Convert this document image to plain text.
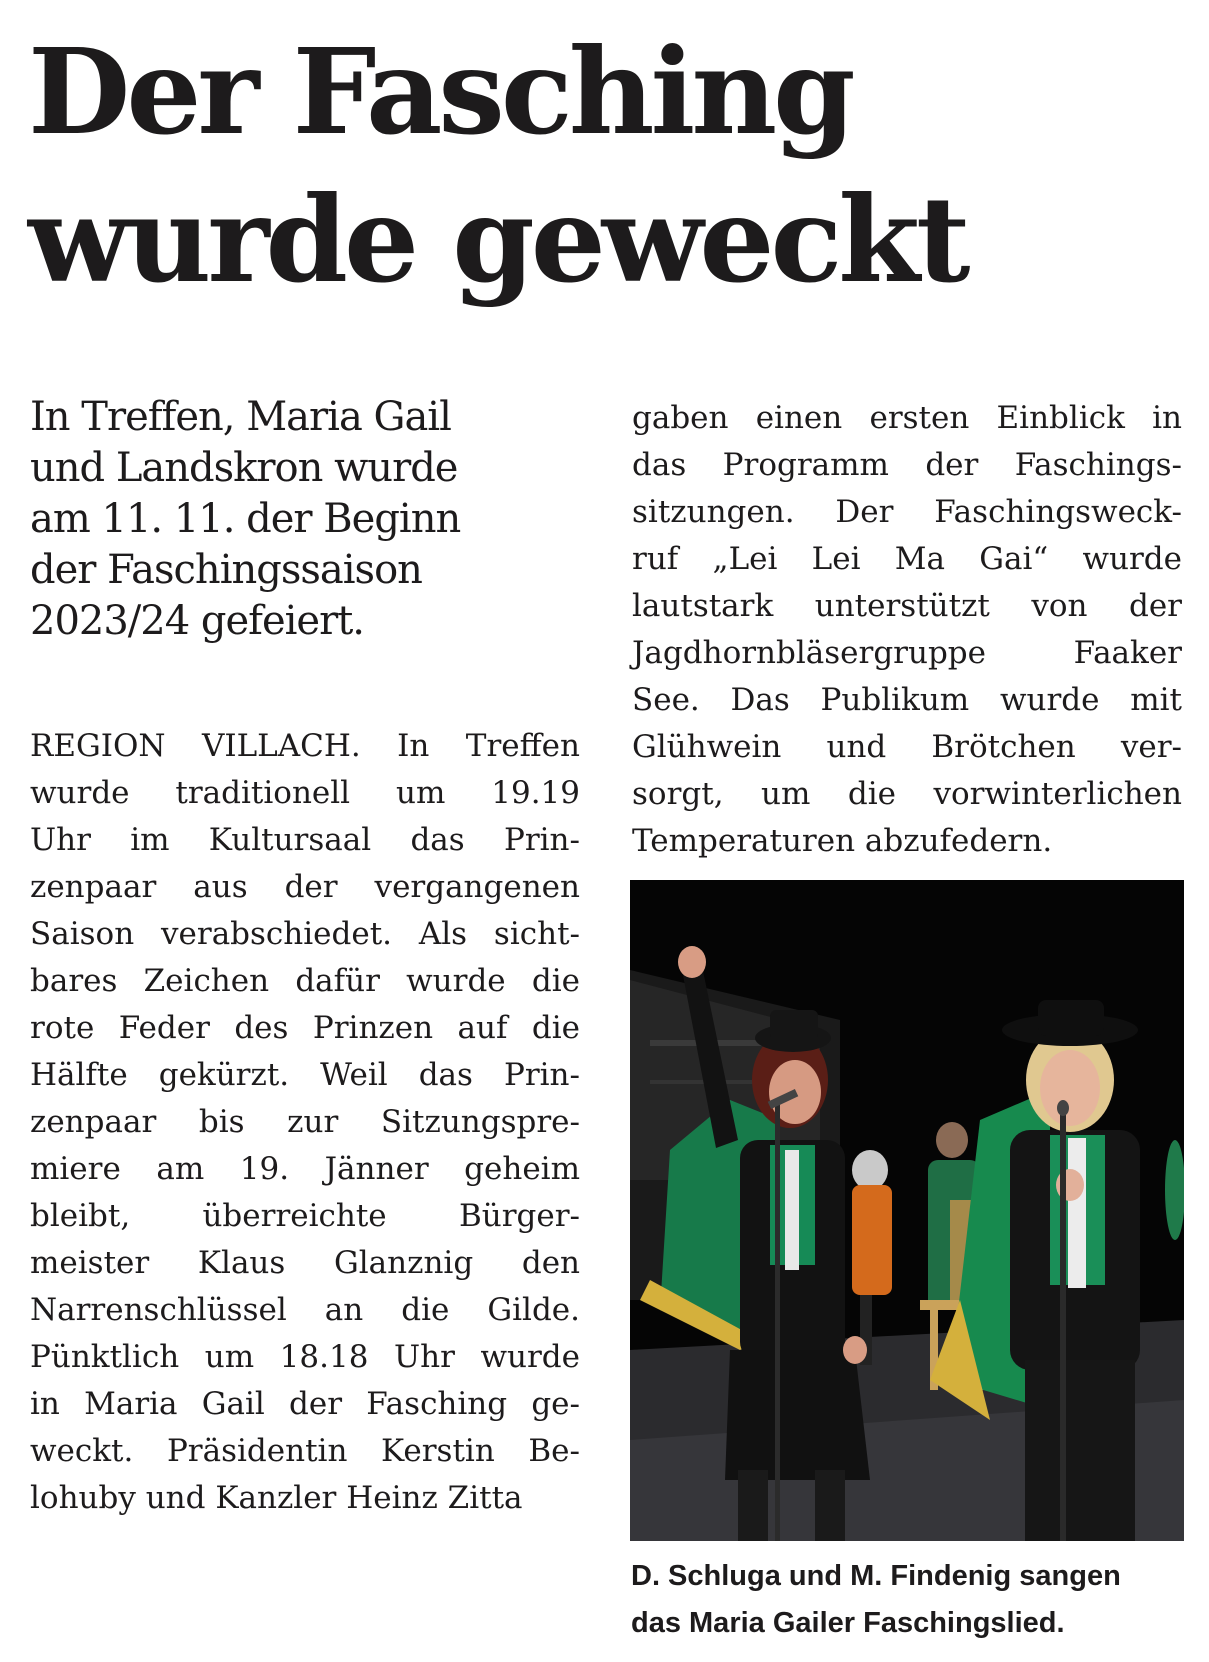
Der Fasching
wurde geweckt
In Treffen, Maria Gail
und Landskron wurde
am 11. 11. der Beginn
der Faschingssaison
2023/24 gefeiert.

REGION VILLACH. In Treffen
wurde traditionell um 19.19
Uhr im Kultursaal das Prin-
zenpaar aus der vergangenen
Saison verabschiedet. Als sicht-
bares Zeichen dafür wurde die
rote Feder des Prinzen auf die
Hälfte gekürzt. Weil das Prin-
zenpaar bis zur Sitzungspre-
miere am 19. Jänner geheim
bleibt, überreichte Bürger-
meister Klaus Glanznig den
Narrenschlüssel an die Gilde.
Pünktlich um 18.18 Uhr wurde
in Maria Gail der Fasching ge-
weckt. Präsidentin Kerstin Be-
lohuby und Kanzler Heinz Zitta

gaben einen ersten Einblick in
das Programm der Faschings-
sitzungen. Der Faschingsweck-
ruf „Lei Lei Ma Gai“ wurde
lautstark unterstützt von der
Jagdhornbläsergruppe Faaker
See. Das Publikum wurde mit
Glühwein und Brötchen ver-
sorgt, um die vorwinterlichen
Temperaturen abzufedern.

D. Schluga und M. Findenig sangen
das Maria Gailer Faschingslied.
